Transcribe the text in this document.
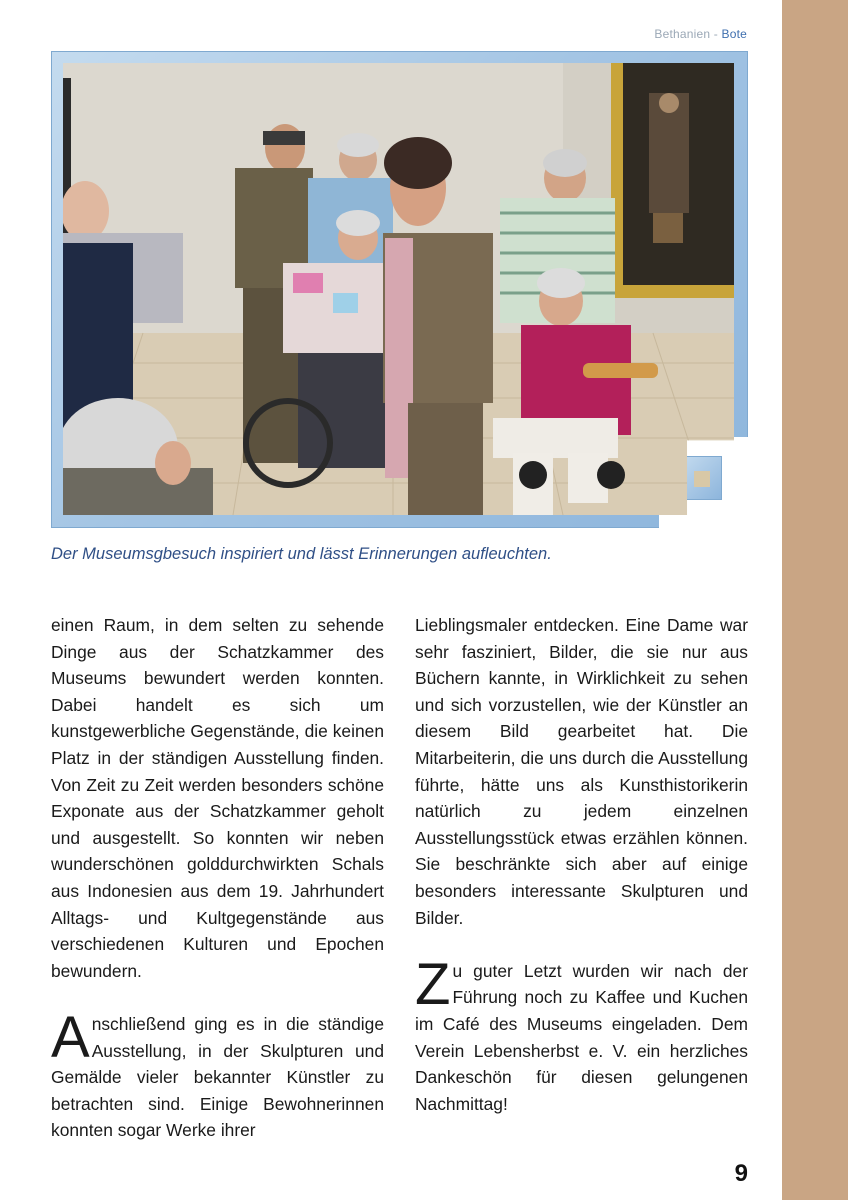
Bethanien - Bote
Der Museumsgbesuch inspiriert und lässt Erinnerungen aufleuchten.

einen Raum, in dem selten zu sehende Dinge aus der Schatzkammer des Museums bewundert werden konnten. Dabei handelt es sich um kunstgewerbliche Gegenstände, die keinen Platz in der ständigen Ausstellung finden. Von Zeit zu Zeit werden besonders schöne Exponate aus der Schatzkammer geholt und ausgestellt. So konnten wir neben wunderschönen golddurchwirkten Schals aus Indonesien aus dem 19. Jahrhundert Alltags- und Kultgegenstände aus verschiedenen Kulturen und Epochen bewundern.

Anschließend ging es in die ständige Ausstellung, in der Skulpturen und Gemälde vieler bekannter Künstler zu betrachten sind. Einige Bewohnerinnen konnten sogar Werke ihrer

Lieblingsmaler entdecken. Eine Dame war sehr fasziniert, Bilder, die sie nur aus Büchern kannte, in Wirklichkeit zu sehen und sich vorzustellen, wie der Künstler an diesem Bild gearbeitet hat. Die Mitarbeiterin, die uns durch die Ausstellung führte, hätte uns als Kunsthistorikerin natürlich zu jedem einzelnen Ausstellungsstück etwas erzählen können. Sie beschränkte sich aber auf einige besonders interessante Skulpturen und Bilder.

Zu guter Letzt wurden wir nach der Führung noch zu Kaffee und Kuchen im Café des Museums eingeladen. Dem Verein Lebensherbst e. V. ein herzliches Dankeschön für diesen gelungenen Nachmittag!

9
